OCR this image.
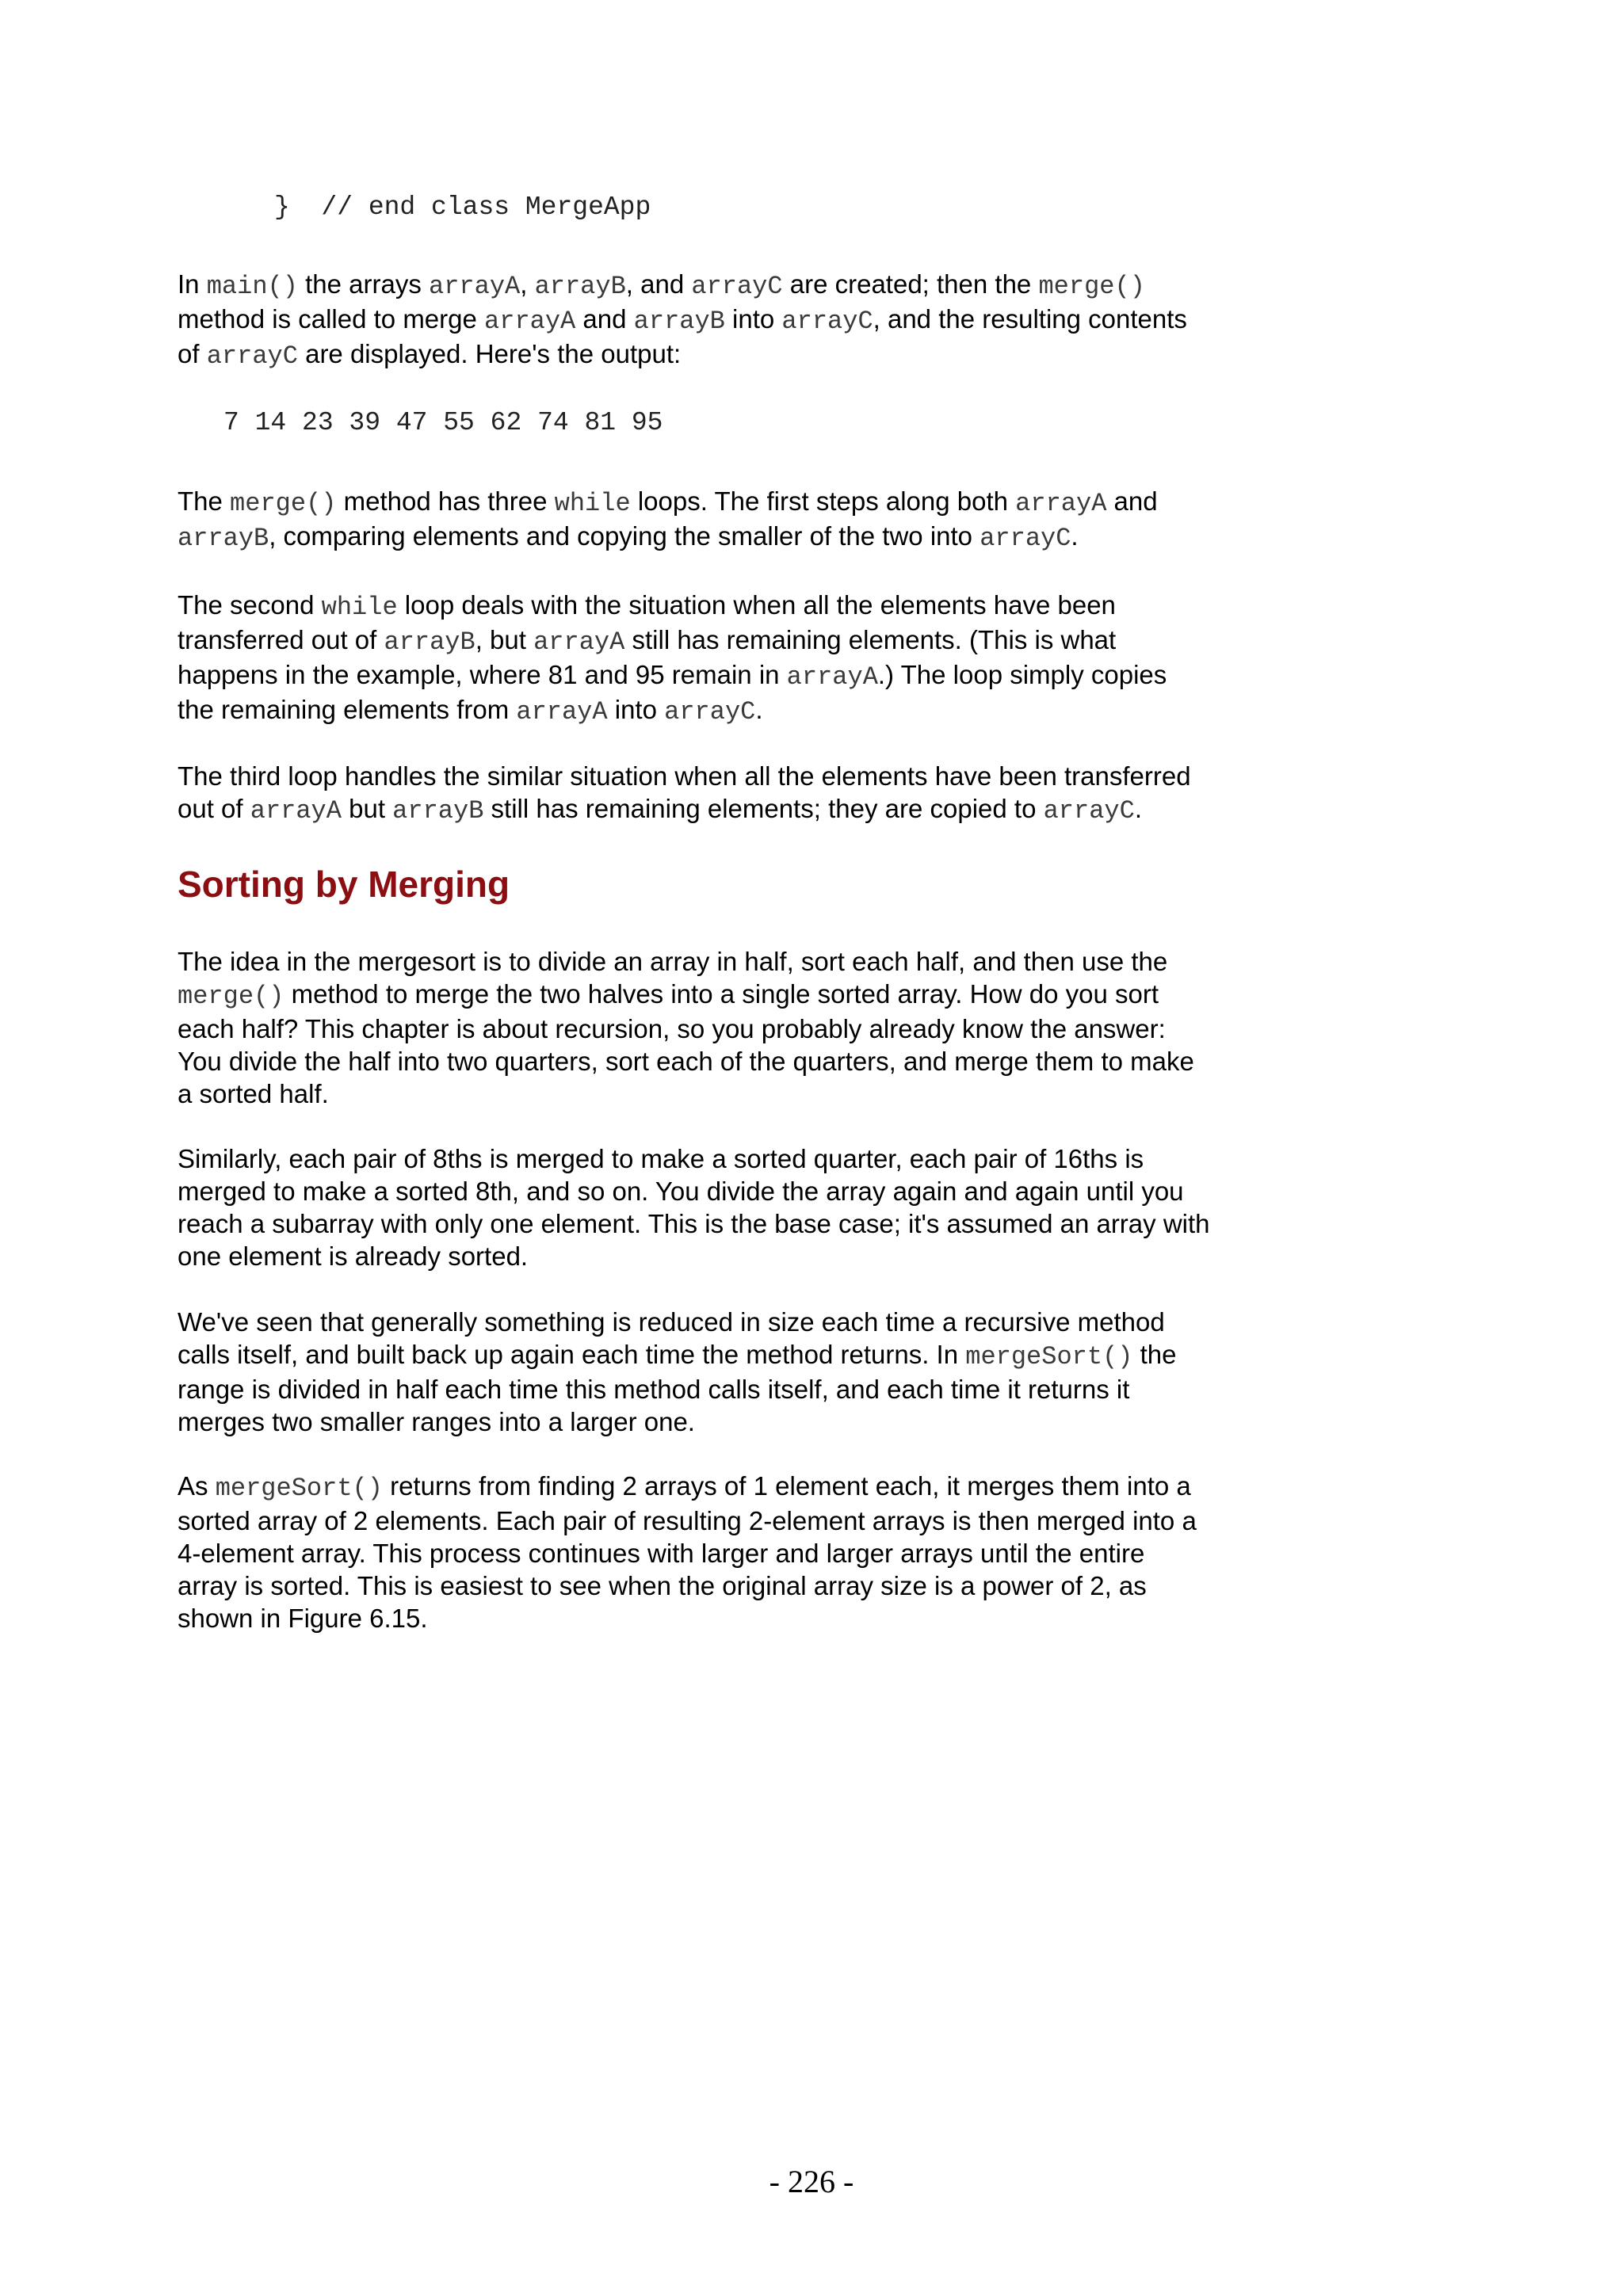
}  // end class MergeApp

In main() the arrays arrayA, arrayB, and arrayC are created; then the merge()
method is called to merge arrayA and arrayB into arrayC, and the resulting contents
of arrayC are displayed. Here's the output:

7 14 23 39 47 55 62 74 81 95

The merge() method has three while loops. The first steps along both arrayA and
arrayB, comparing elements and copying the smaller of the two into arrayC.

The second while loop deals with the situation when all the elements have been
transferred out of arrayB, but arrayA still has remaining elements. (This is what
happens in the example, where 81 and 95 remain in arrayA.) The loop simply copies
the remaining elements from arrayA into arrayC.

The third loop handles the similar situation when all the elements have been transferred
out of arrayA but arrayB still has remaining elements; they are copied to arrayC.

Sorting by Merging

The idea in the mergesort is to divide an array in half, sort each half, and then use the
merge() method to merge the two halves into a single sorted array. How do you sort
each half? This chapter is about recursion, so you probably already know the answer:
You divide the half into two quarters, sort each of the quarters, and merge them to make
a sorted half.

Similarly, each pair of 8ths is merged to make a sorted quarter, each pair of 16ths is
merged to make a sorted 8th, and so on. You divide the array again and again until you
reach a subarray with only one element. This is the base case; it's assumed an array with
one element is already sorted.

We've seen that generally something is reduced in size each time a recursive method
calls itself, and built back up again each time the method returns. In mergeSort() the
range is divided in half each time this method calls itself, and each time it returns it
merges two smaller ranges into a larger one.

As mergeSort() returns from finding 2 arrays of 1 element each, it merges them into a
sorted array of 2 elements. Each pair of resulting 2-element arrays is then merged into a
4-element array. This process continues with larger and larger arrays until the entire
array is sorted. This is easiest to see when the original array size is a power of 2, as
shown in Figure 6.15.

- 226 -
